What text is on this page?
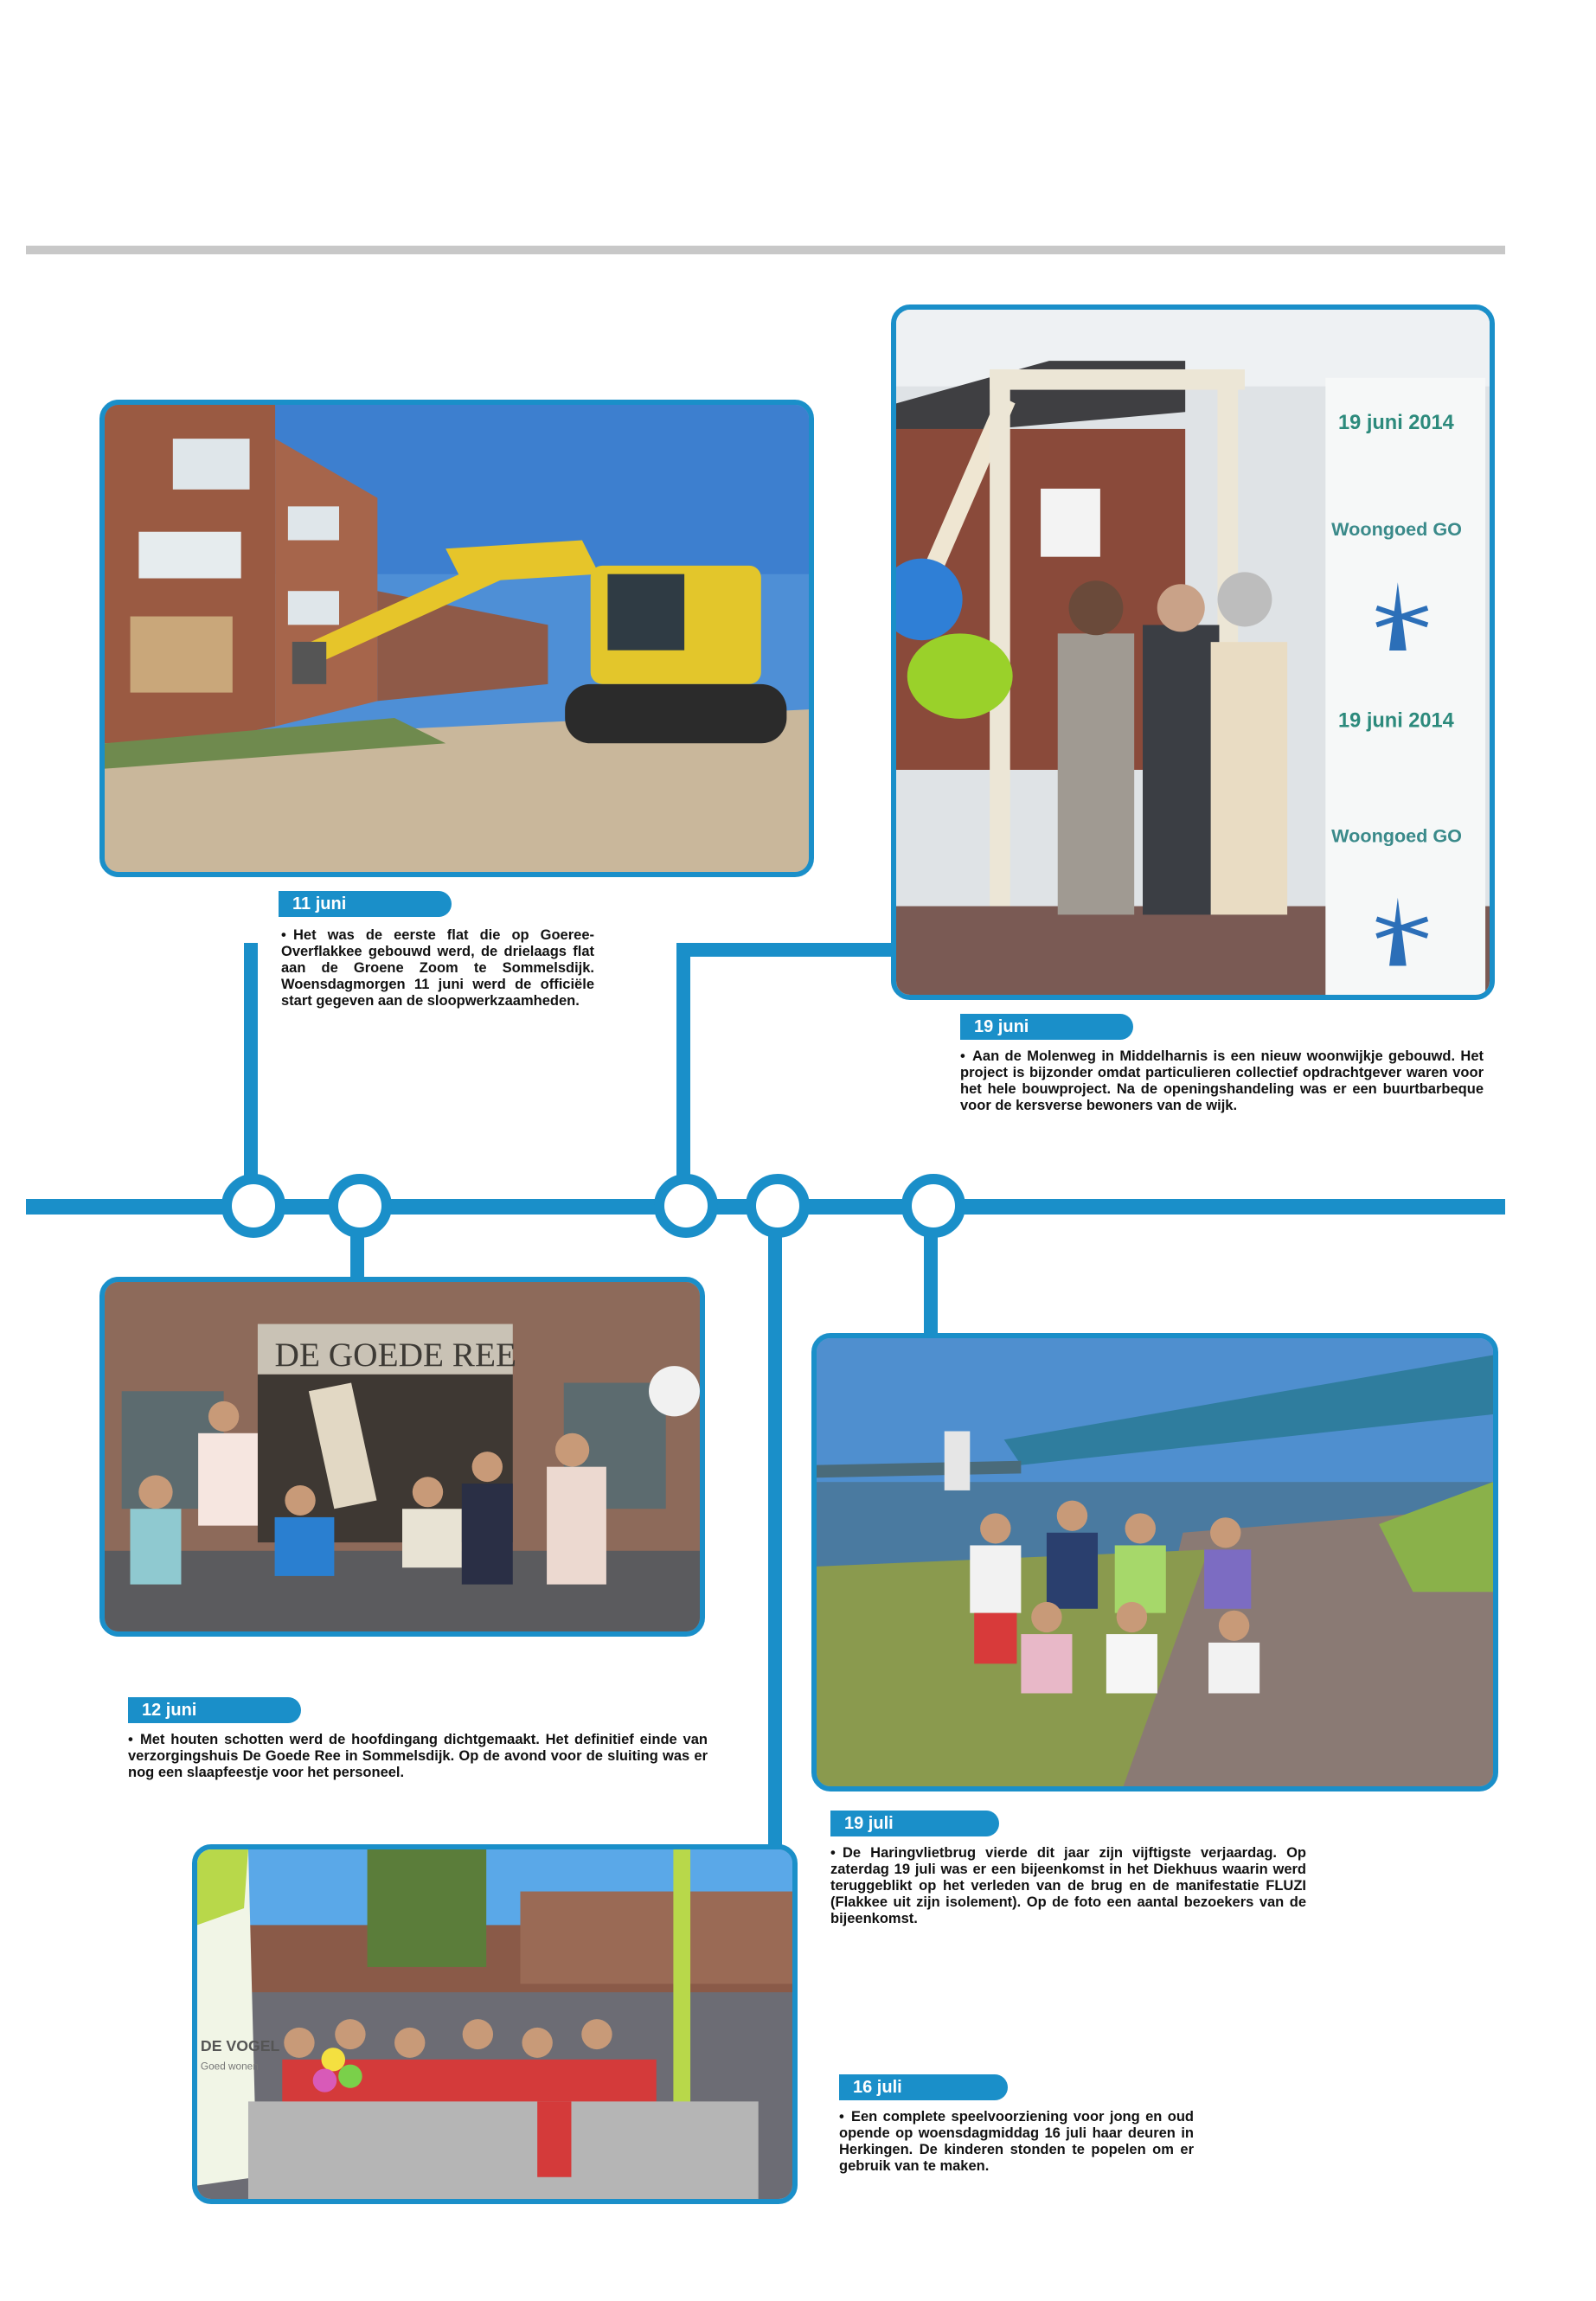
11 juni
• Het was de eerste flat die op Goeree-Overflakkee gebouwd werd, de drielaags flat aan de Groene Zoom te Sommelsdijk. Woensdagmorgen 11 juni werd de officiële start gegeven aan de sloopwerkzaamheden.
19 juni 2014
Woongoed GO
19 juni 2014
Woongoed GO
19 juni
• Aan de Molenweg in Middelharnis is een nieuw woonwijkje gebouwd. Het project is bijzonder omdat particulieren collectief opdrachtgever waren voor het hele bouwproject. Na de openingshandeling was er een buurtbarbeque voor de kersverse bewoners van de wijk.
DE GOEDE REE
12 juni
• Met houten schotten werd de hoofdingang dichtgemaakt. Het definitief einde van verzorgingshuis De Goede Ree in Sommelsdijk. Op de avond voor de sluiting was er nog een slaapfeestje voor het personeel.
19 juli
• De Haringvlietbrug vierde dit jaar zijn vijftigste verjaardag. Op zaterdag 19 juli was er een bijeenkomst in het Diekhuus waarin werd teruggeblikt op het verleden van de brug en de manifestatie FLUZI (Flakkee uit zijn isolement). Op de foto een aantal bezoekers van de bijeenkomst.
DE VOGEL
Goed wonen
16 juli
• Een complete speelvoorziening voor jong en oud opende op woensdagmiddag 16 juli haar deuren in Herkingen. De kinderen stonden te popelen om er gebruik van te maken.
